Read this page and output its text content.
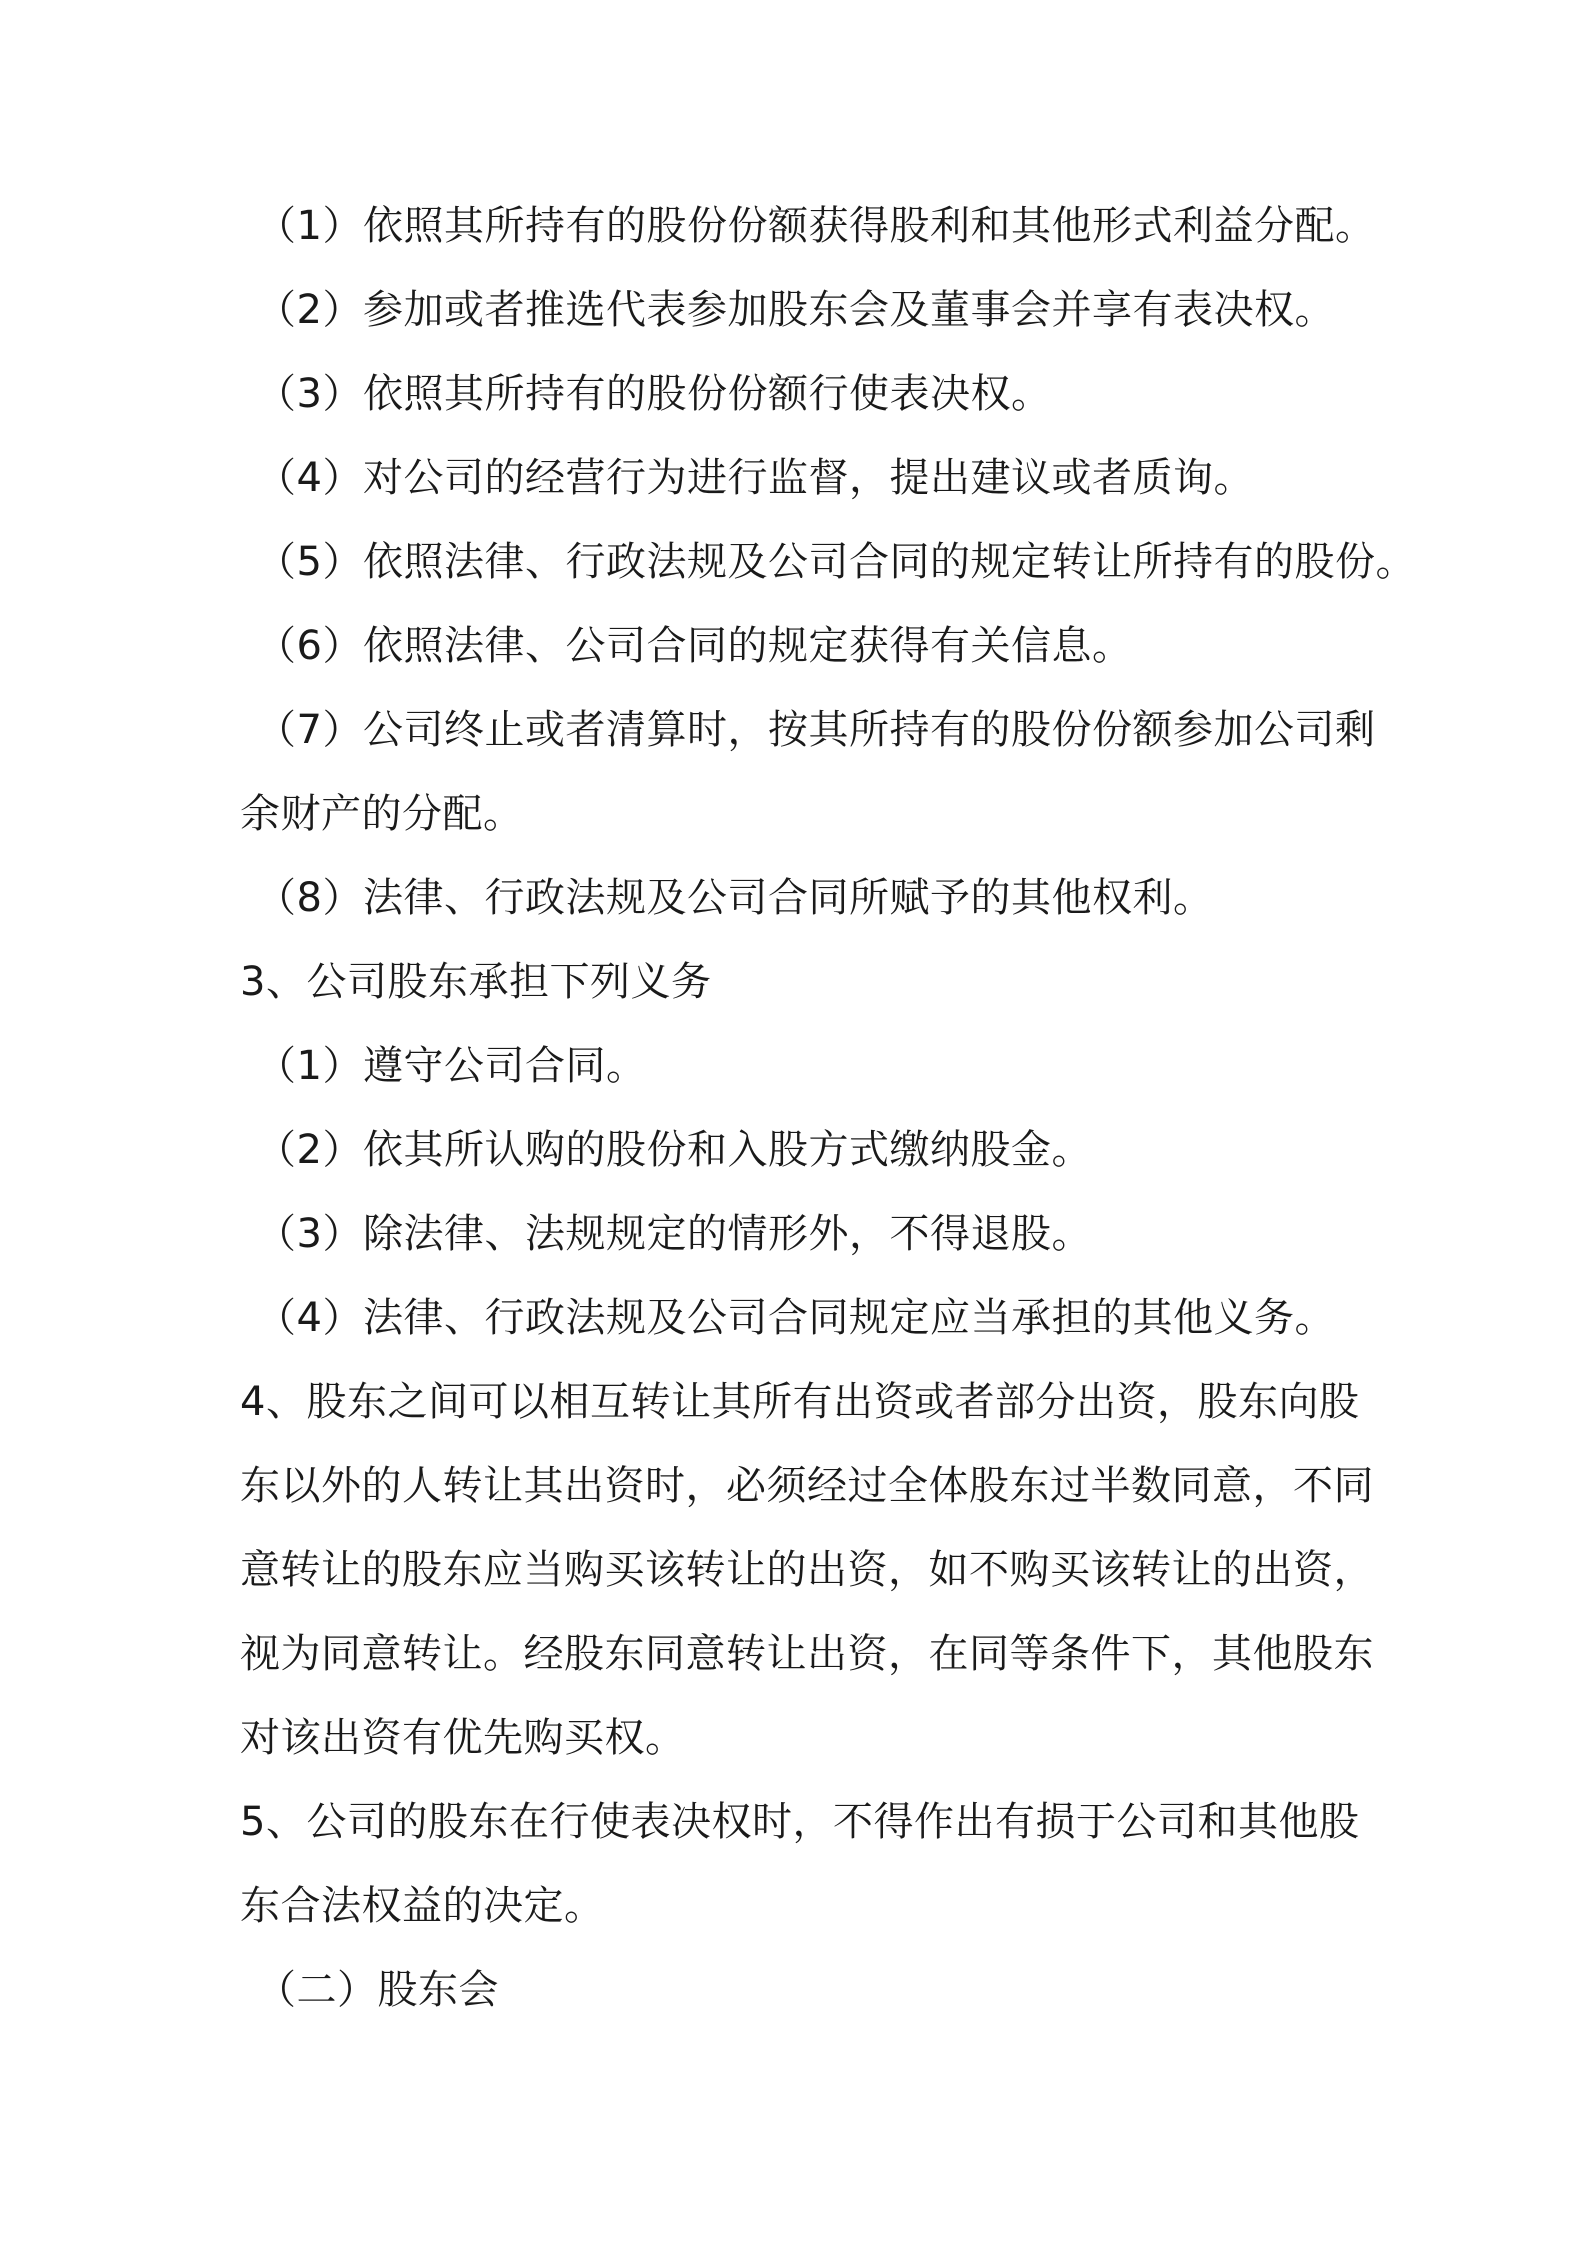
（1）依照其所持有的股份份额获得股利和其他形式利益分配。
（2）参加或者推选代表参加股东会及董事会并享有表决权。
（3）依照其所持有的股份份额行使表决权。
（4）对公司的经营行为进行监督，提出建议或者质询。
（5）依照法律、行政法规及公司合同的规定转让所持有的股份。
（6）依照法律、公司合同的规定获得有关信息。
（7）公司终止或者清算时，按其所持有的股份份额参加公司剩
余财产的分配。
（8）法律、行政法规及公司合同所赋予的其他权利。
3、公司股东承担下列义务
（1）遵守公司合同。
（2）依其所认购的股份和入股方式缴纳股金。
（3）除法律、法规规定的情形外，不得退股。
（4）法律、行政法规及公司合同规定应当承担的其他义务。
4、股东之间可以相互转让其所有出资或者部分出资，股东向股
东以外的人转让其出资时，必须经过全体股东过半数同意，不同
意转让的股东应当购买该转让的出资，如不购买该转让的出资，
视为同意转让。经股东同意转让出资，在同等条件下，其他股东
对该出资有优先购买权。
5、公司的股东在行使表决权时，不得作出有损于公司和其他股
东合法权益的决定。
（二）股东会
